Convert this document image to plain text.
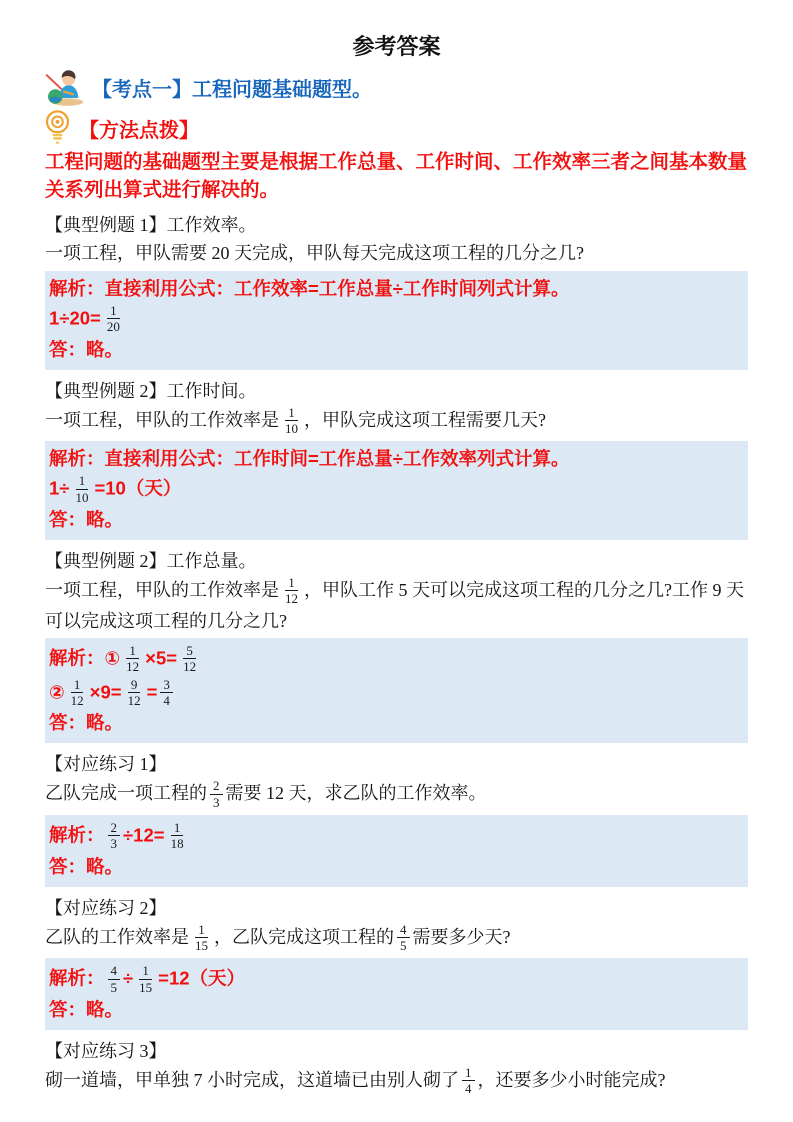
参考答案
【考点一】工程问题基础题型。
【方法点拨】

工程问题的基础题型主要是根据工作总量、工作时间、工作效率三者之间基本数量关系列出算式进行解决的。

【典型例题 1】工作效率。

一项工程，甲队需要 20 天完成，甲队每天完成这项工程的几分之几?

解析：直接利用公式：工作效率=工作总量÷工作时间列式计算。

$1\div 20= \frac{1}{20}$

答：略。

【典型例题 2】工作时间。

一项工程，甲队的工作效率是 $\frac{1}{10}$ ，甲队完成这项工程需要几天?

解析：直接利用公式：工作时间=工作总量÷工作效率列式计算。

$1\div \frac{1}{10} =10$（天）

答：略。

【典型例题 2】工作总量。

一项工程，甲队的工作效率是 $\frac{1}{12}$ ，甲队工作 5 天可以完成这项工程的几分之几?工作 9 天可以完成这项工程的几分之几?

解析：① $\frac{1}{12} \times 5= \frac{5}{12}$

② $\frac{1}{12} \times 9= \frac{9}{12} = \frac{3}{4}$

答：略。

【对应练习 1】

乙队完成一项工程的 $\frac{2}{3}$ 需要 12 天，求乙队的工作效率。

解析： $\frac{2}{3} \div 12= \frac{1}{18}$

答：略。

【对应练习 2】

乙队的工作效率是 $\frac{1}{15}$ ，乙队完成这项工程的 $\frac{4}{5}$ 需要多少天?

解析： $\frac{4}{5} \div \frac{1}{15} =12$（天）

答：略。

【对应练习 3】

砌一道墙，甲单独 7 小时完成，这道墙已由别人砌了 $\frac{1}{4}$ ，还要多少小时能完成?
